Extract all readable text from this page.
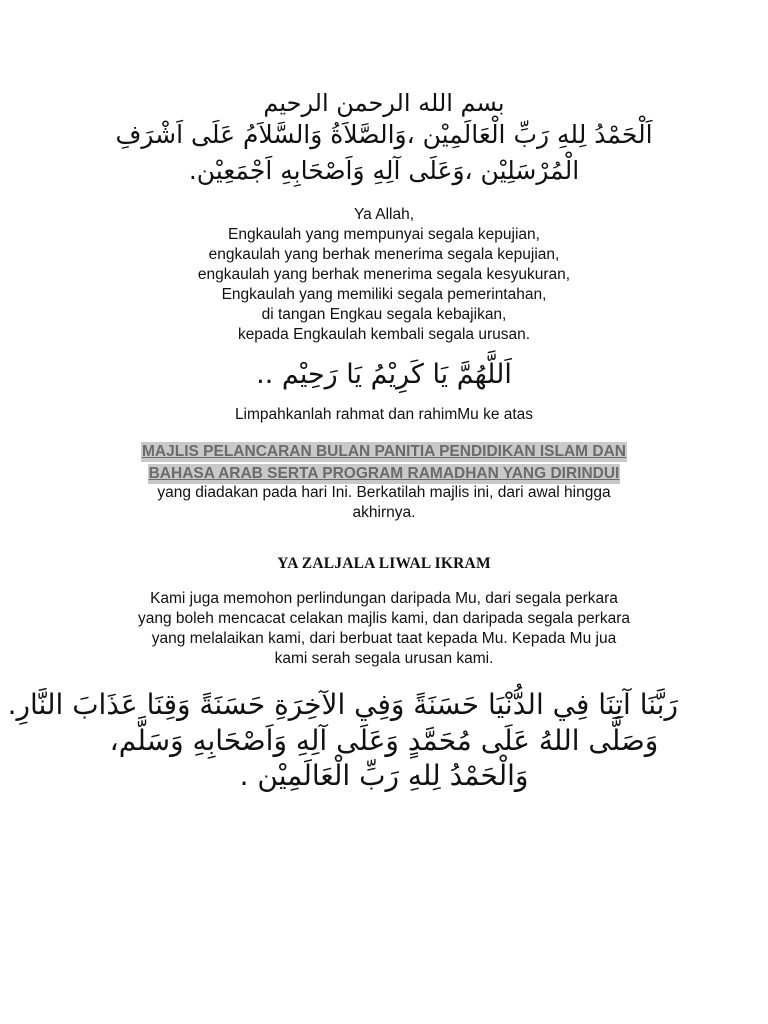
بسم الله الرحمن الرحيم
اَلْحَمْدُ لِلهِ رَبِّ الْعَالَمِيْن ،وَالصَّلاَةُ وَالسَّلاَمُ عَلَى اَشْرَفِ
الْمُرْسَلِيْن ،وَعَلَى آلِهِ وَاَصْحَابِهِ اَجْمَعِيْن.
Ya Allah,
Engkaulah yang mempunyai segala kepujian,
engkaulah yang berhak menerima segala kepujian,
engkaulah yang berhak menerima segala kesyukuran,
Engkaulah yang memiliki segala pemerintahan,
di tangan Engkau segala kebajikan,
kepada Engkaulah kembali segala urusan.
اَللَّهُمَّ يَا كَرِيْمُ يَا رَحِيْم ..
Limpahkanlah rahmat dan rahimMu ke atas
MAJLIS PELANCARAN BULAN PANITIA PENDIDIKAN ISLAM DAN
BAHASA ARAB SERTA PROGRAM RAMADHAN YANG DIRINDUI
yang diadakan pada hari Ini. Berkatilah majlis ini, dari awal hingga
akhirnya.
YA ZALJALA LIWAL IKRAM
Kami juga memohon perlindungan daripada Mu, dari segala perkara
yang boleh mencacat celakan majlis kami, dan daripada segala perkara
yang melalaikan kami, dari berbuat taat kepada Mu. Kepada Mu jua
kami serah segala urusan kami.
رَبَّنَا آتِنَا فِي الدُّنْيَا حَسَنَةً وَفِي الآخِرَةِ حَسَنَةً وَقِنَا عَذَابَ النَّارِ.
وَصَلَّى اللهُ عَلَى مُحَمَّدٍ وَعَلَى آلِهِ وَاَصْحَابِهِ وَسَلَّم،
وَالْحَمْدُ لِلهِ رَبِّ الْعَالَمِيْن .
